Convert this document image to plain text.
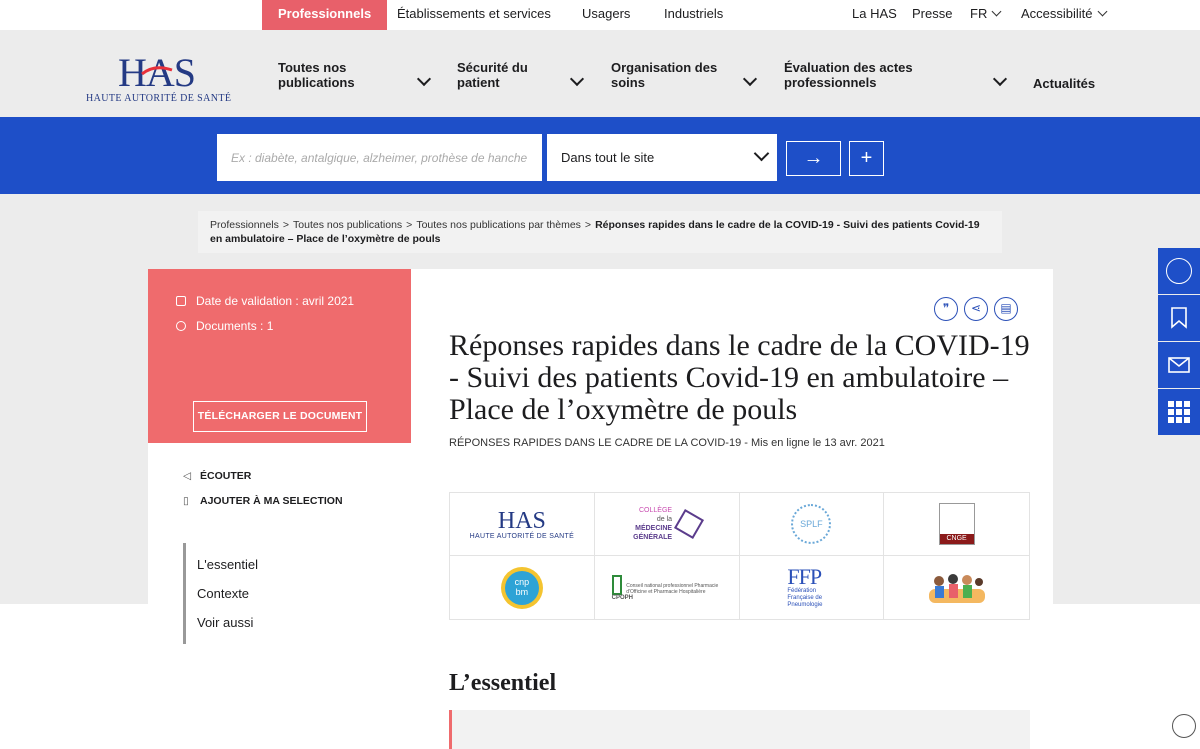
Professionnels	Établissements et services Usagers	Industriels	La HAS Presse FR	Accessibilité
HAS
HAUTE AUTORITÉ DE SANTÉ
Toutes nos publications
Sécurité du patient
Organisation des soins
Évaluation des actes professionnels	Actualités
Ex : diabète, antalgique, alzheimer, prothèse de hanche
Dans tout le site	→	+
Professionnels > Toutes nos publications > Toutes nos publications par thèmes > Réponses rapides dans le cadre de la COVID-19 - Suivi des patients Covid-19 en ambulatoire – Place de l’oxymètre de pouls
Date de validation : avril 2021
Documents : 1
TÉLÉCHARGER LE DOCUMENT
◁ ÉCOUTER
▯ AJOUTER À MA SELECTION
L'essentiel
Contexte
Voir aussi
❞	⋖	▤
Réponses rapides dans le cadre de la COVID-19 - Suivi des patients Covid-19 en ambulatoire – Place de l’oxymètre de pouls
RÉPONSES RAPIDES DANS LE CADRE DE LA COVID-19 - Mis en ligne le 13 avr. 2021
HAS
HAUTE AUTORITÉ DE SANTÉ
COLLÈGE
de la
MÉDECINE
GÉNÉRALE
SPLF
CNGE
cnp
bm
Conseil national professionnel Pharmacie d'Officine et Pharmacie Hospitalière
CPOPH
FFP
Fédération Française de Pneumologie
L’essentiel
